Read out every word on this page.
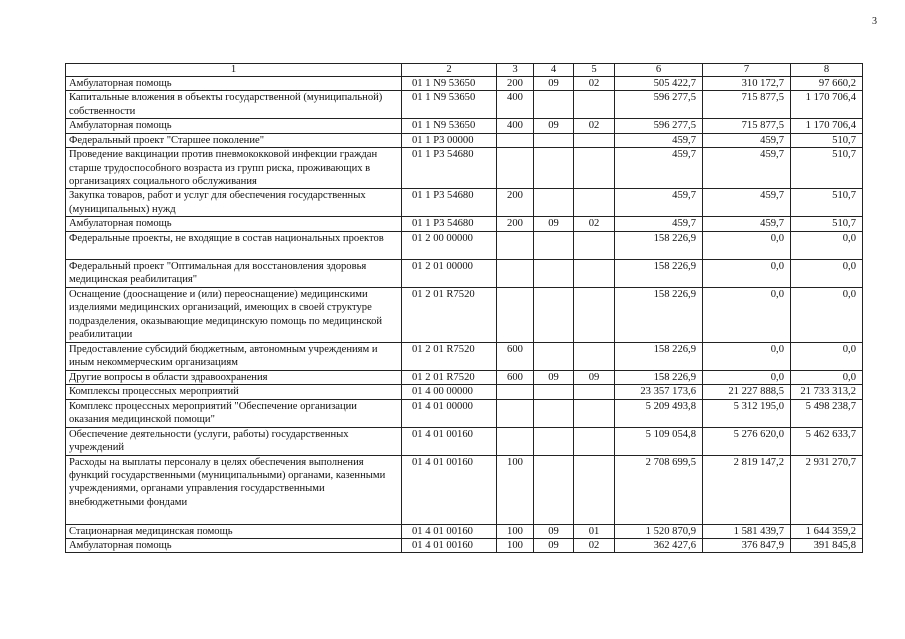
3
1	2	3	4	5	6	7	8
Амбулаторная помощь	01 1 N9 53650	200	09	02	505 422,7	310 172,7	97 660,2
Капитальные вложения в объекты государственной (муниципальной) собственности	01 1 N9 53650	400			596 277,5	715 877,5	1 170 706,4
Амбулаторная помощь	01 1 N9 53650	400	09	02	596 277,5	715 877,5	1 170 706,4
Федеральный проект "Старшее поколение"	01 1 P3 00000				459,7	459,7	510,7
Проведение вакцинации против пневмококковой инфекции граждан старше трудоспособного возраста из групп риска, проживающих в организациях социального обслуживания	01 1 P3 54680				459,7	459,7	510,7
Закупка товаров, работ и услуг для обеспечения государственных (муниципальных) нужд	01 1 P3 54680	200			459,7	459,7	510,7
Амбулаторная помощь	01 1 P3 54680	200	09	02	459,7	459,7	510,7
Федеральные проекты, не входящие в состав национальных проектов	01 2 00 00000				158 226,9	0,0	0,0
Федеральный проект "Оптимальная для восстановления здоровья медицинская реабилитация"	01 2 01 00000				158 226,9	0,0	0,0
Оснащение (дооснащение и (или) переоснащение) медицинскими изделиями медицинских организаций, имеющих в своей структуре подразделения, оказывающие медицинскую помощь по медицинской реабилитации	01 2 01 R7520				158 226,9	0,0	0,0
Предоставление субсидий бюджетным, автономным учреждениям и иным некоммерческим организациям	01 2 01 R7520	600			158 226,9	0,0	0,0
Другие вопросы в области здравоохранения	01 2 01 R7520	600	09	09	158 226,9	0,0	0,0
Комплексы процессных мероприятий	01 4 00 00000				23 357 173,6	21 227 888,5	21 733 313,2
Комплекс процессных мероприятий "Обеспечение организации оказания медицинской помощи"	01 4 01 00000				5 209 493,8	5 312 195,0	5 498 238,7
Обеспечение деятельности (услуги, работы) государственных учреждений	01 4 01 00160				5 109 054,8	5 276 620,0	5 462 633,7
Расходы на выплаты персоналу в целях обеспечения выполнения функций государственными (муниципальными) органами, казенными учреждениями, органами управления государственными внебюджетными фондами	01 4 01 00160	100			2 708 699,5	2 819 147,2	2 931 270,7
Стационарная медицинская помощь	01 4 01 00160	100	09	01	1 520 870,9	1 581 439,7	1 644 359,2
Амбулаторная помощь	01 4 01 00160	100	09	02	362 427,6	376 847,9	391 845,8
